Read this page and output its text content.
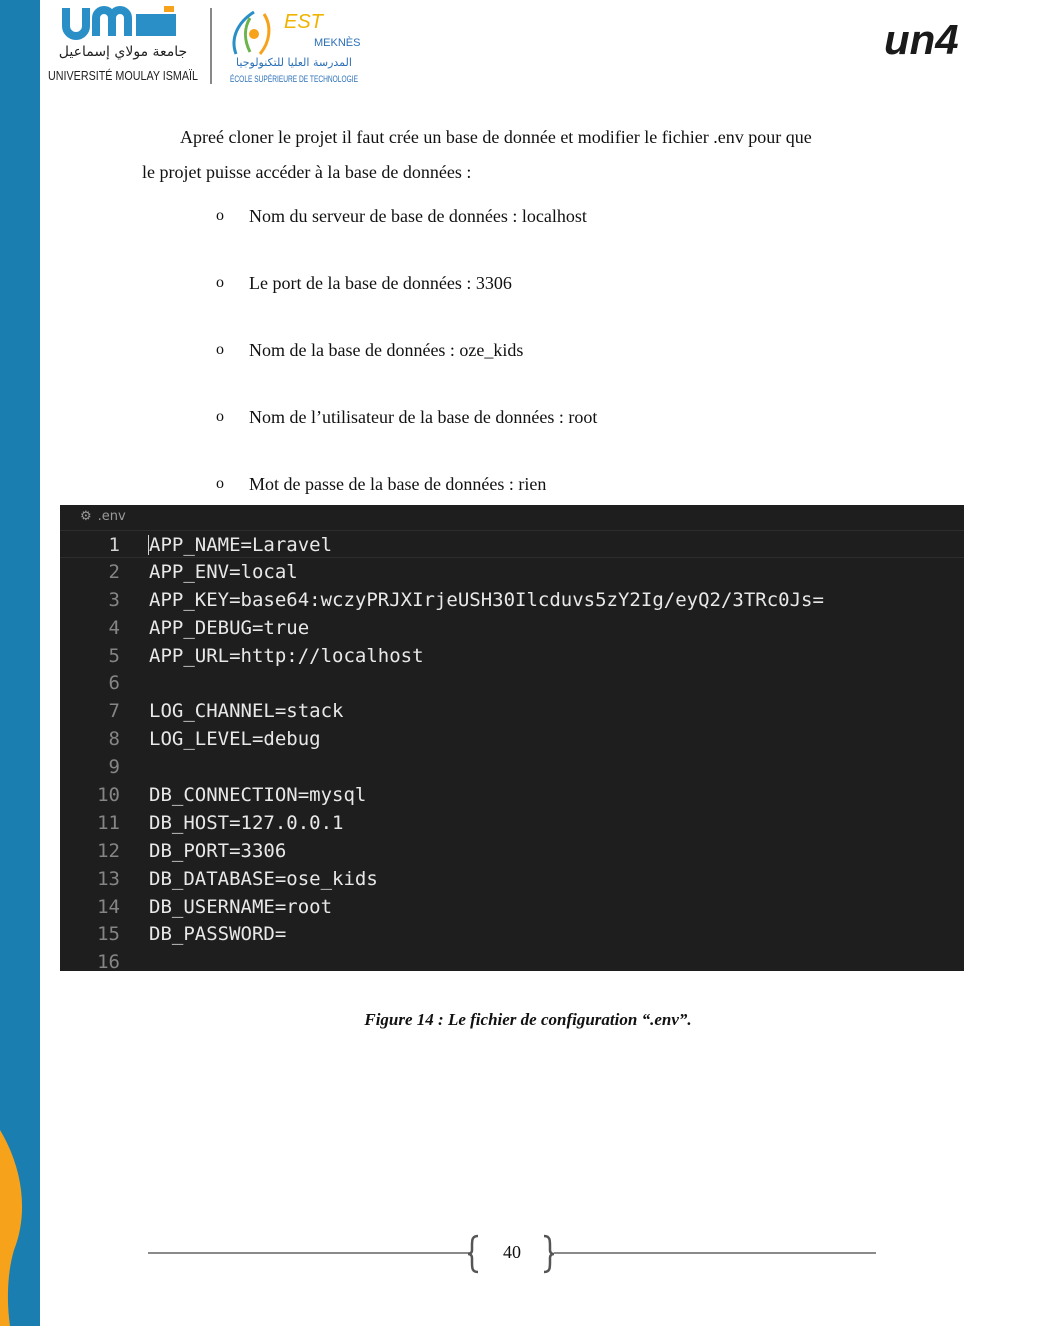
جامعة مولاي إسماعيل
UNIVERSITÉ MOULAY ISMAÏL
EST
MEKNÈS
المدرسة العليا للتكنولوجيا
ÉCOLE SUPÉRIEURE DE TECHNOLOGIE
un4

Apreé cloner le projet il faut crée un base de donnée et modifier le fichier .env pour que
le projet puisse accéder à la base de données :

o Nom du serveur de base de données : localhost
o Le port de la base de données : 3306
o Nom de la base de données : oze_kids
o Nom de l’utilisateur de la base de données : root
o Mot de passe de la base de données : rien
⚙ .env
1 APP_NAME=Laravel
2 APP_ENV=local
3 APP_KEY=base64:wczyPRJXIrjeUSH30Ilcduvs5zY2Ig/eyQ2/3TRc0Js=
4 APP_DEBUG=true
5 APP_URL=http://localhost
6
7 LOG_CHANNEL=stack
8 LOG_LEVEL=debug
9
10 DB_CONNECTION=mysql
11 DB_HOST=127.0.0.1
12 DB_PORT=3306
13 DB_DATABASE=ose_kids
14 DB_USERNAME=root
15 DB_PASSWORD=
16
Figure 14 : Le fichier de configuration “.env”.
40
